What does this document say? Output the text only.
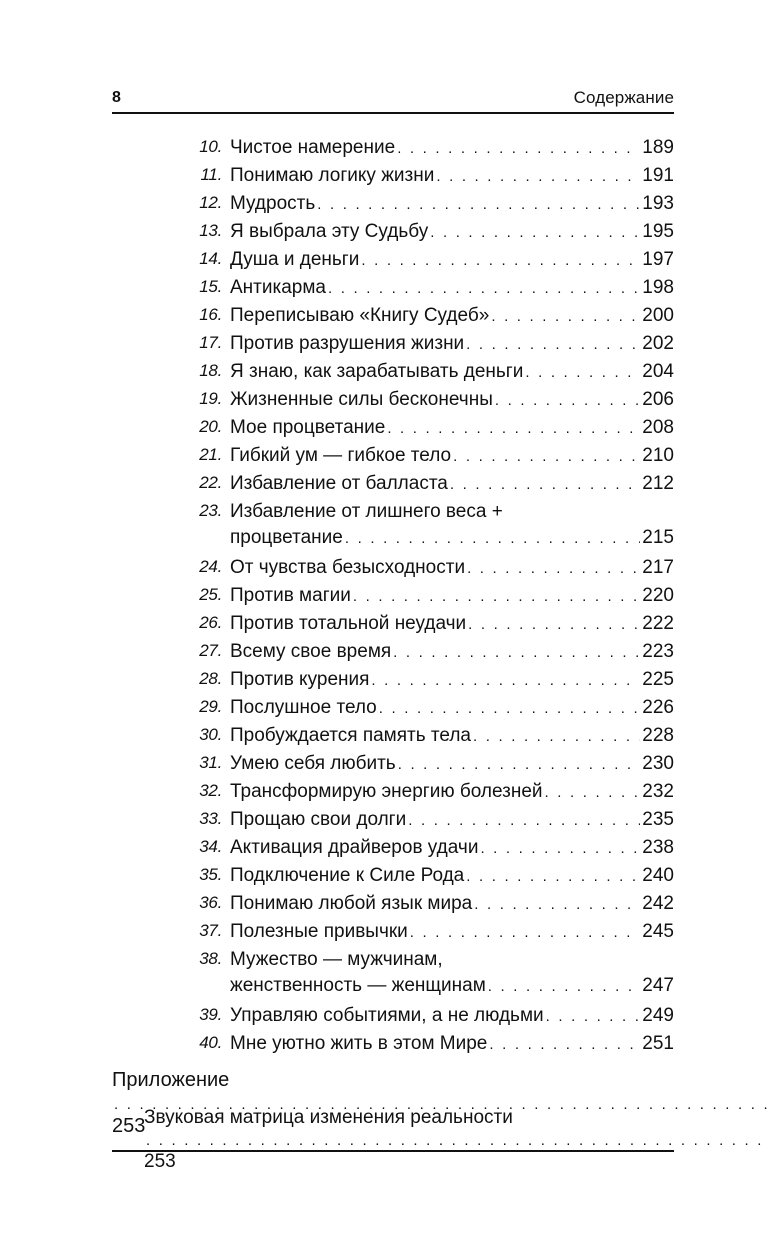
8	Содержание
10. Чистое намерение . . .	189
11. Понимаю логику жизни . . .	191
12. Мудрость . . .	193
13. Я выбрала эту Судьбу . . .	195
14. Душа и деньги . . .	197
15. Антикарма . . .	198
16. Переписываю «Книгу Судеб» . . .	200
17. Против разрушения жизни . . .	202
18. Я знаю, как зарабатывать деньги . . .	204
19. Жизненные силы бесконечны . . .	206
20. Мое процветание . . .	208
21. Гибкий ум — гибкое тело . . .	210
22. Избавление от балласта . . .	212
23. Избавление от лишнего веса +
процветание . . .	215
24. От чувства безысходности . . .	217
25. Против магии . . .	220
26. Против тотальной неудачи . . .	222
27. Всему свое время . . .	223
28. Против курения . . .	225
29. Послушное тело . . .	226
30. Пробуждается память тела . . .	228
31. Умею себя любить . . .	230
32. Трансформирую энергию болезней . . .	232
33. Прощаю свои долги . . .	235
34. Активация драйверов удачи . . .	238
35. Подключение к Силе Рода . . .	240
36. Понимаю любой язык мира . . .	242
37. Полезные привычки . . .	245
38. Мужество — мужчинам,
женственность — женщинам . . .	247
39. Управляю событиями, а не людьми . . .	249
40. Мне уютно жить в этом Мире . . .	251
Приложение . . . 253
Звуковая матрица изменения реальности . . . 253
